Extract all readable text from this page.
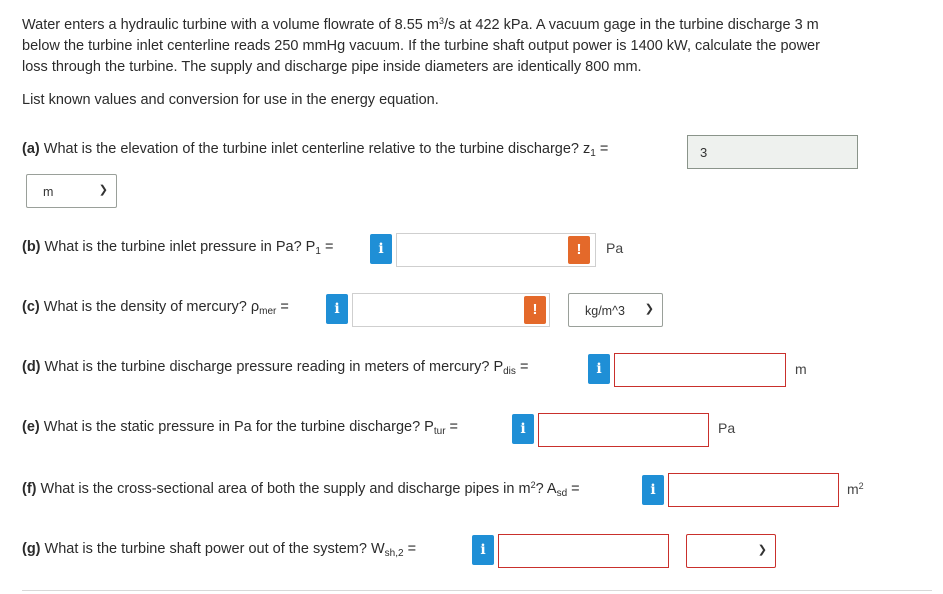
Water enters a hydraulic turbine with a volume flowrate of 8.55 $m^3/s$ at 422 kPa. A vacuum gage in the turbine discharge 3 m
below the turbine inlet centerline reads 250 mmHg vacuum. If the turbine shaft output power is 1400 kW, calculate the power
loss through the turbine. The supply and discharge pipe inside diameters are identically 800 mm.
List known values and conversion for use in the energy equation.
(a) What is the elevation of the turbine inlet centerline relative to the turbine discharge? $z_1$ =	3
m	❯
(b) What is the turbine inlet pressure in Pa? $P_1$ =	i	!	Pa
(c) What is the density of mercury? $\rho_{mer}$ =	i	!	kg/m^3 ❯
(d) What is the turbine discharge pressure reading in meters of mercury? $P_{dis}$ =	i	m
(e) What is the static pressure in Pa for the turbine discharge? $P_{tur}$ =	i	Pa
(f) What is the cross-sectional area of both the supply and discharge pipes in $m^2$? $A_{sd}$ =	i	$m^2$
(g) What is the turbine shaft power out of the system? $W_{sh,2}$ =	i	❯
